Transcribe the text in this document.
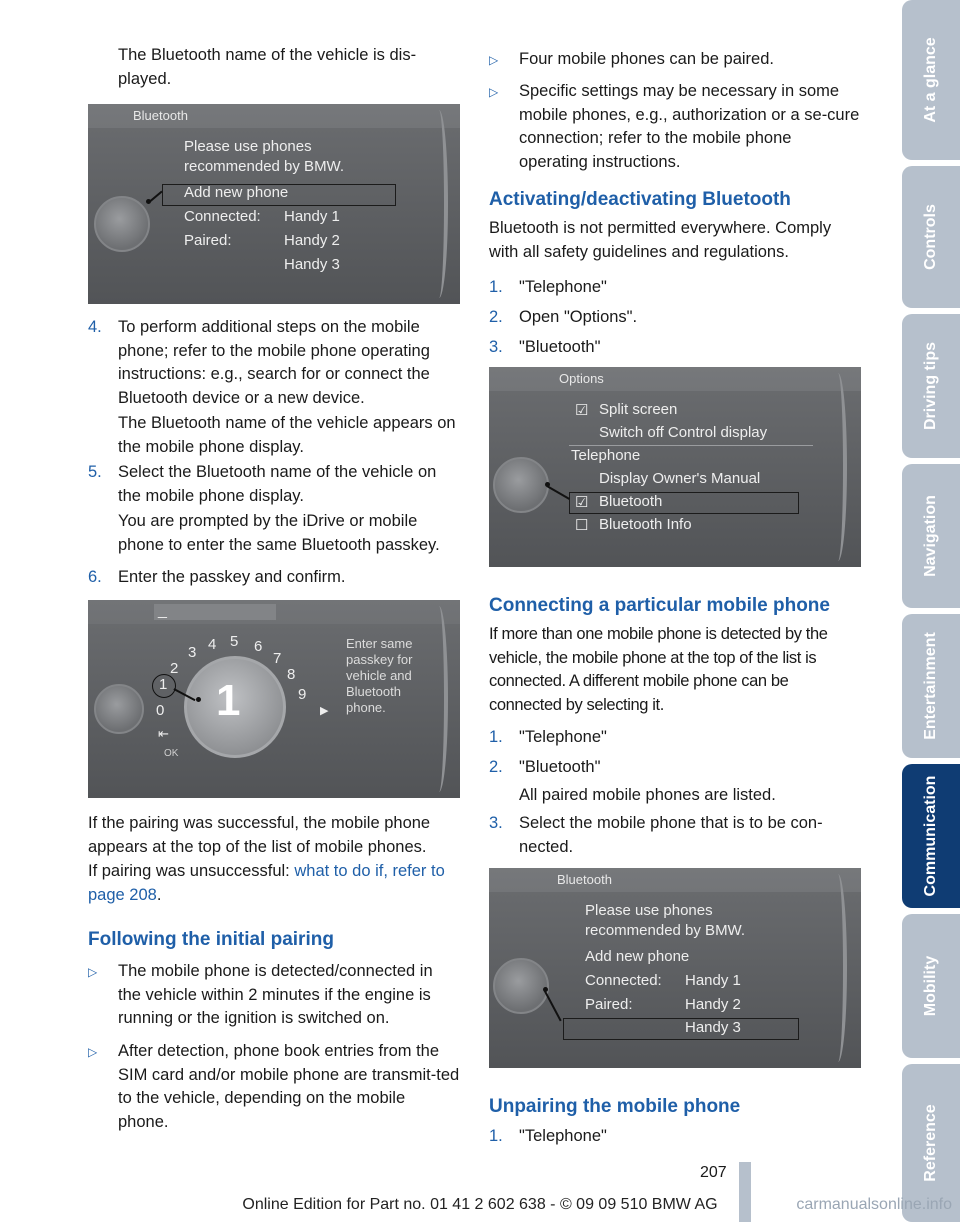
The Bluetooth name of the vehicle is dis-
played.

Bluetooth
Please use phones
recommended by BMW.
Add new phone
Connected: Handy 1
Paired:	Handy 2
Handy 3
4. To perform additional steps on the mobile phone; refer to the mobile phone operating instructions: e.g., search for or connect the Bluetooth device or a new device.

The Bluetooth name of the vehicle appears on the mobile phone display.

5. Select the Bluetooth name of the vehicle on the mobile phone display.

You are prompted by the iDrive or mobile phone to enter the same Bluetooth passkey.

6. Enter the passkey and confirm.

_
1
0
1
2
3 4 5 6
7
8
9
⇤
OK
▶
Enter same
passkey for
vehicle and
Bluetooth
phone.

If the pairing was successful, the mobile phone appears at the top of the list of mobile phones.

If pairing was unsuccessful: what to do if, refer to page 208.

Following the initial pairing
▷ The mobile phone is detected/connected in the vehicle within 2 minutes if the engine is running or the ignition is switched on.

▷ After detection, phone book entries from the SIM card and/or mobile phone are transmit-ted to the vehicle, depending on the mobile phone.

▷ Four mobile phones can be paired.

▷ Specific settings may be necessary in some mobile phones, e.g., authorization or a se-cure connection; refer to the mobile phone operating instructions.

Activating/deactivating Bluetooth

Bluetooth is not permitted everywhere. Comply with all safety guidelines and regulations.

1. "Telephone"

2. Open "Options".

3. "Bluetooth"

Options
☑ Split screen
Switch off Control display
Telephone
Display Owner's Manual
☑ Bluetooth
☐ Bluetooth Info
Connecting a particular mobile phone

If more than one mobile phone is detected by the vehicle, the mobile phone at the top of the list is connected. A different mobile phone can be connected by selecting it.

1. "Telephone"

2. "Bluetooth"

All paired mobile phones are listed.

3. Select the mobile phone that is to be con-nected.

Bluetooth
Please use phones
recommended by BMW.
Add new phone
Connected: Handy 1
Paired:	Handy 2
Handy 3
Unpairing the mobile phone
1. "Telephone"

At a glance
Controls
Driving tips
Navigation
Entertainment
Communication
Mobility
Reference
207
Online Edition for Part no. 01 41 2 602 638 - © 09 09 510 BMW AG	carmanualsonline.info
